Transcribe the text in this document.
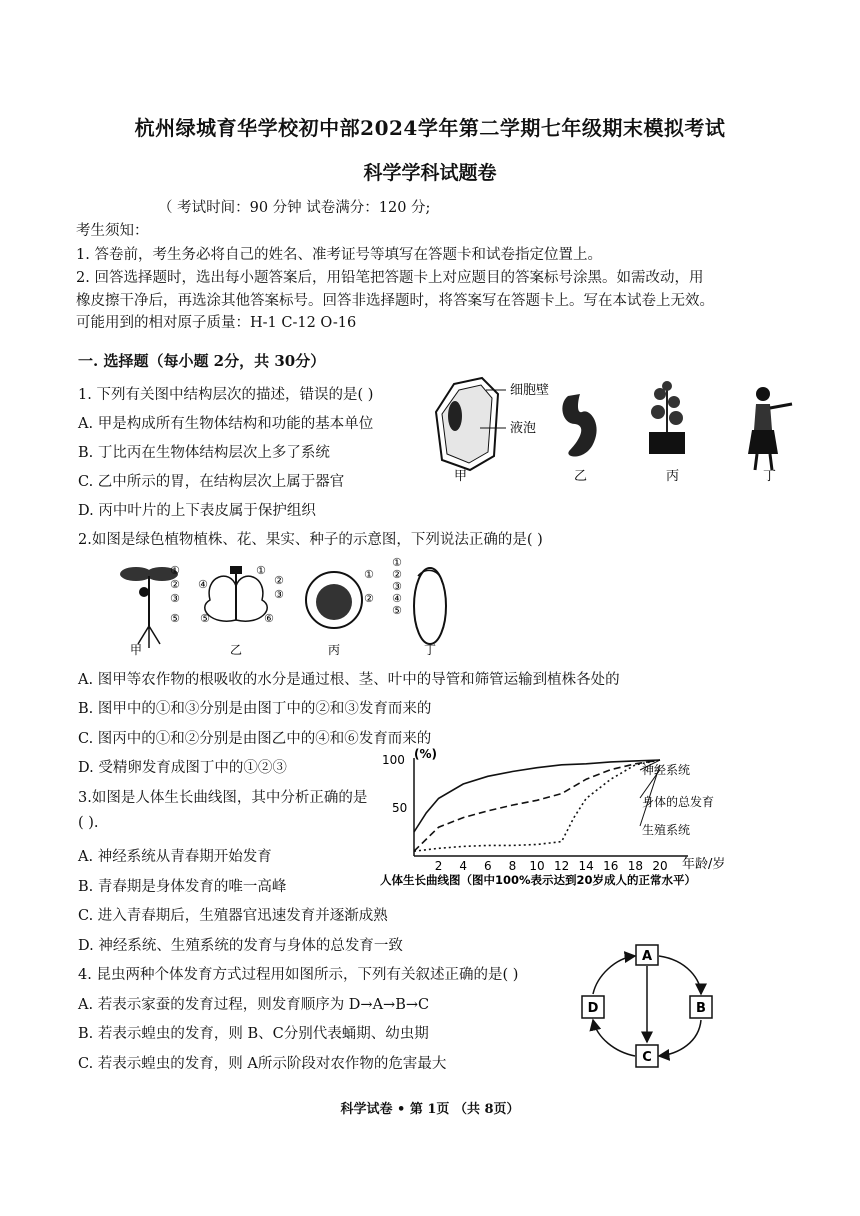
杭州绿城育华学校初中部2024学年第二学期七年级期末模拟考试
科学学科试题卷
（ 考试时间：90 分钟 试卷满分：120 分;
考生须知：
1. 答卷前，考生务必将自己的姓名、准考证号等填写在答题卡和试卷指定位置上。
2. 回答选择题时，选出每小题答案后，用铅笔把答题卡上对应题目的答案标号涂黑。如需改动，用
橡皮擦干净后，再选涂其他答案标号。回答非选择题时，将答案写在答题卡上。写在本试卷上无效。
可能用到的相对原子质量：H-1 C-12 O-16
一. 选择题（每小题 2分，共 30分）
1. 下列有关图中结构层次的描述，错误的是( )
A. 甲是构成所有生物体结构和功能的基本单位
B. 丁比丙在生物体结构层次上多了系统
C. 乙中所示的胃，在结构层次上属于器官
D. 丙中叶片的上下表皮属于保护组织
细胞壁
液泡
甲	乙	丙	丁
2.如图是绿色植物植株、花、果实、种子的示意图，下列说法正确的是( )
①
②
③
⑤
④
①
②
③
⑤	⑥
①
②
①
②
③
④
⑤
甲	乙	丙	丁
A. 图甲等农作物的根吸收的水分是通过根、茎、叶中的导管和筛管运输到植株各处的
B. 图甲中的①和③分别是由图丁中的②和③发育而来的
C. 图丙中的①和②分别是由图乙中的④和⑥发育而来的
D. 受精卵发育成图丁中的①②③
3.如图是人体生长曲线图，其中分析正确的是
( ).
A. 神经系统从青春期开始发育
B. 青春期是身体发育的唯一高峰
C. 进入青春期后，生殖器官迅速发育并逐渐成熟
D. 神经系统、生殖系统的发育与身体的总发育一致
100
50
(%)
2 4 6 8 10 12 14 16 18 20 年龄/岁
神经系统
身体的总发育
生殖系统
人体生长曲线图（图中100%表示达到20岁成人的正常水平）
4. 昆虫两种个体发育方式过程用如图所示，下列有关叙述正确的是( )
A. 若表示家蚕的发育过程，则发育顺序为 D→A→B→C
B. 若表示蝗虫的发育，则 B、C分别代表蛹期、幼虫期
C. 若表示蝗虫的发育，则 A所示阶段对农作物的危害最大
A
B
C
D
科学试卷 • 第 1页 （共 8页）
